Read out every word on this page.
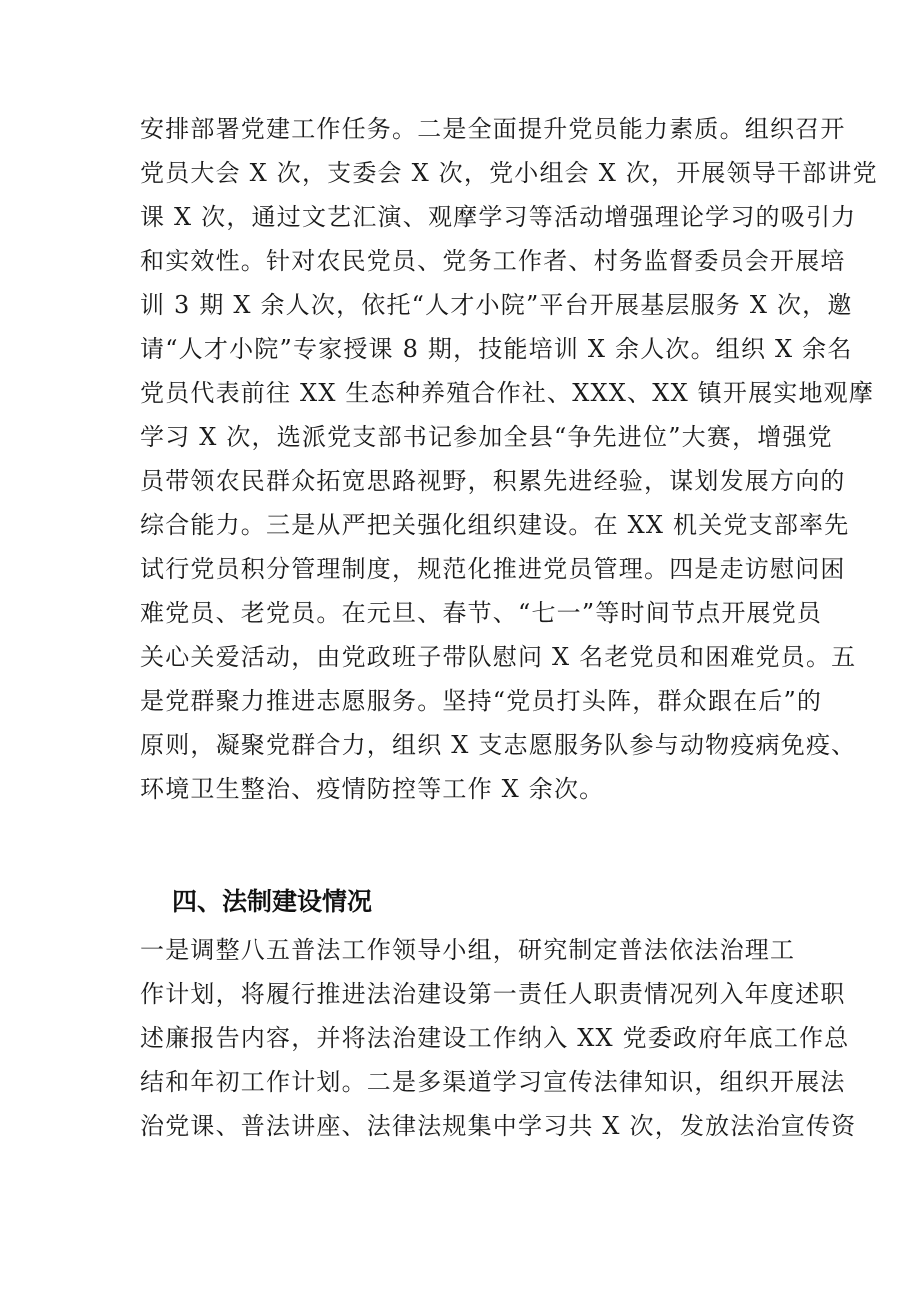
安排部署党建工作任务。二是全面提升党员能力素质。组织召开
党员大会 X 次，支委会 X 次，党小组会 X 次，开展领导干部讲党
课 X 次，通过文艺汇演、观摩学习等活动增强理论学习的吸引力
和实效性。针对农民党员、党务工作者、村务监督委员会开展培
训 3 期 X 余人次，依托“人才小院”平台开展基层服务 X 次，邀
请“人才小院”专家授课 8 期，技能培训 X 余人次。组织 X 余名
党员代表前往 XX 生态种养殖合作社、XXX、XX 镇开展实地观摩
学习 X 次，选派党支部书记参加全县“争先进位”大赛，增强党
员带领农民群众拓宽思路视野，积累先进经验，谋划发展方向的
综合能力。三是从严把关强化组织建设。在 XX 机关党支部率先
试行党员积分管理制度，规范化推进党员管理。四是走访慰问困
难党员、老党员。在元旦、春节、“七一”等时间节点开展党员
关心关爱活动，由党政班子带队慰问 X 名老党员和困难党员。五
是党群聚力推进志愿服务。坚持“党员打头阵，群众跟在后”的
原则，凝聚党群合力，组织 X 支志愿服务队参与动物疫病免疫、
环境卫生整治、疫情防控等工作 X 余次。
四、法制建设情况
一是调整八五普法工作领导小组，研究制定普法依法治理工
作计划，将履行推进法治建设第一责任人职责情况列入年度述职
述廉报告内容，并将法治建设工作纳入 XX 党委政府年底工作总
结和年初工作计划。二是多渠道学习宣传法律知识，组织开展法
治党课、普法讲座、法律法规集中学习共 X 次，发放法治宣传资
